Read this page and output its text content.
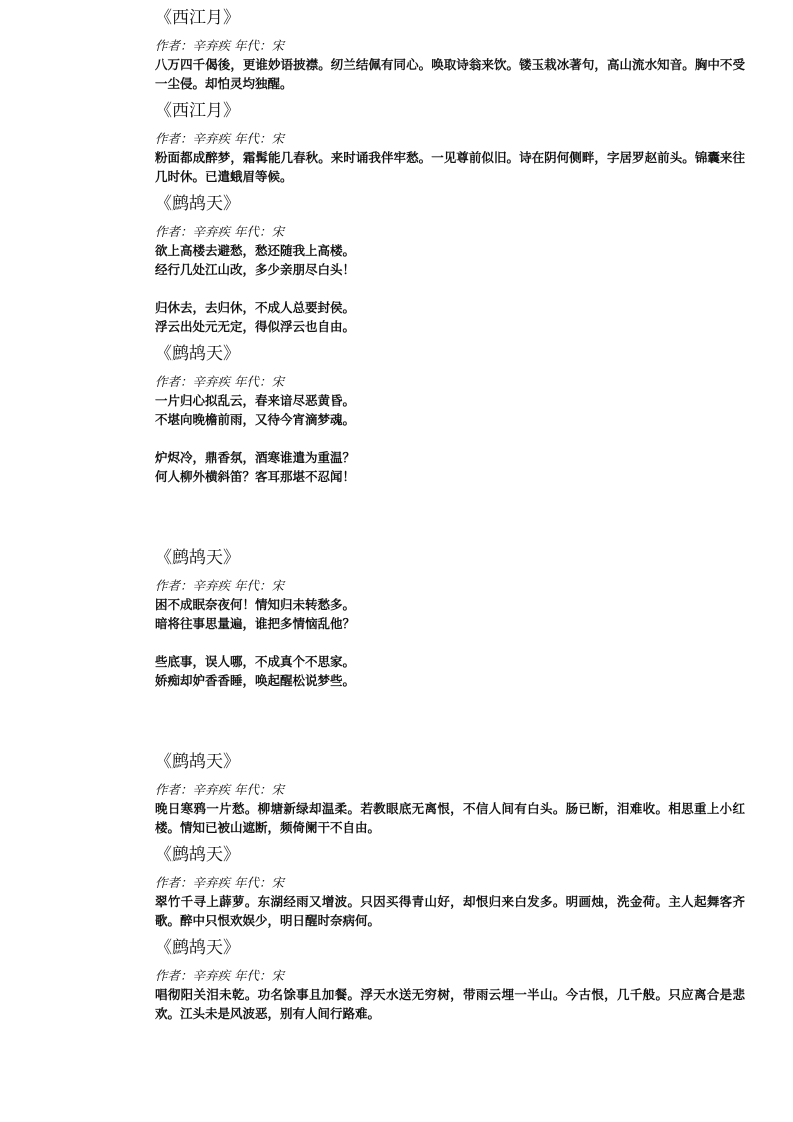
《西江月》

作者：辛弃疾 年代：宋

八万四千偈後，更谁妙语披襟。纫兰结佩有同心。唤取诗翁来饮。镂玉栽冰著句，高山流水知音。胸中不受一尘侵。却怕灵均独醒。

《西江月》

作者：辛弃疾 年代：宋

粉面都成醉梦，霜髯能几春秋。来时诵我伴牢愁。一见尊前似旧。诗在阴何侧畔，字居罗赵前头。锦囊来往几时休。已遣蛾眉等候。

《鹧鸪天》

作者：辛弃疾 年代：宋

欲上高楼去避愁，愁还随我上高楼。
经行几处江山改，多少亲朋尽白头！
归休去，去归休，不成人总要封侯。
浮云出处元无定，得似浮云也自由。
《鹧鸪天》

作者：辛弃疾 年代：宋

一片归心拟乱云，春来谙尽恶黄昏。
不堪向晚檐前雨，又待今宵滴梦魂。
炉烬冷，鼎香氛，酒寒谁遣为重温？
何人柳外横斜笛？客耳那堪不忍闻！
《鹧鸪天》

作者：辛弃疾 年代：宋

困不成眠奈夜何！情知归未转愁多。
暗将往事思量遍，谁把多情恼乱他？
些底事，误人哪，不成真个不思家。
娇痴却妒香香睡，唤起醒松说梦些。
《鹧鸪天》

作者：辛弃疾 年代：宋

晚日寒鸦一片愁。柳塘新绿却温柔。若教眼底无离恨，不信人间有白头。肠已断，泪难收。相思重上小红楼。情知已被山遮断，频倚阑干不自由。

《鹧鸪天》

作者：辛弃疾 年代：宋

翠竹千寻上薜萝。东湖经雨又增波。只因买得青山好，却恨归来白发多。明画烛，洗金荷。主人起舞客齐歌。醉中只恨欢娱少，明日醒时奈病何。

《鹧鸪天》

作者：辛弃疾 年代：宋

唱彻阳关泪未乾。功名馀事且加餐。浮天水送无穷树，带雨云埋一半山。今古恨，几千般。只应离合是悲欢。江头未是风波恶，别有人间行路难。
